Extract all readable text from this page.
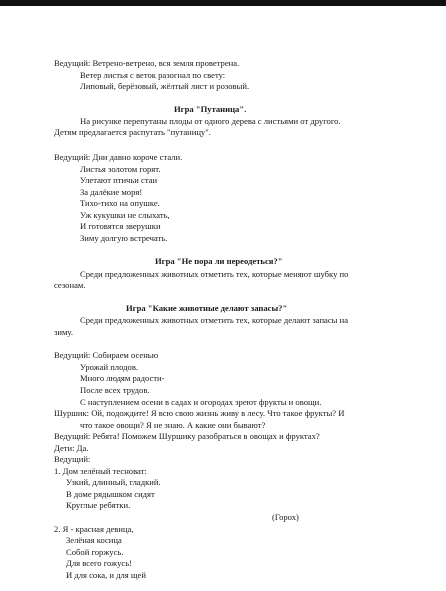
Ведущий: Ветрено-ветрено, вся земля проветрена.
Ветер листья с веток разогнал по свету:
Липовый, берёзовый, жёлтый лист и розовый.
Игра "Путаница".
На рисунке перепутаны плоды от одного дерева с листьями от другого.
Детям предлагается распутать "путаницу".
Ведущий: Дни давно короче стали.
Листья золотом горят.
Улетают птичьи стаи
За далёкие моря!
Тихо-тихо на опушке.
Уж кукушки не слыхать,
И готовятся зверушки
Зиму долгую встречать.
Игра "Не пора ли переодеться?"
Среди предложенных животных отметить тех, которые меняют шубку по
сезонам.
Игра "Какие животные делают запасы?"
Среди предложенных животных отметить тех, которые делают запасы на
зиму.
Ведущий: Собираем осенью
Урожай плодов.
Много людям радости-
После всех трудов.
С наступлением осени в садах и огородах зреют фрукты и овощи.
Шуршик: Ой, подождите! Я всю свою жизнь живу в лесу. Что такое фрукты? И
что такое овощи? Я не знаю. А какие они бывают?
Ведущий: Ребята! Поможем Шуршику разобраться в овощах и фруктах?
Дети: Да.
Ведущий:
1. Дом зелёный тесноват:
Узкий, длинный, гладкий.
В доме рядышком сидят
Круглые ребятки.
(Горох)
2. Я - красная девица,
Зелёная косица
Собой горжусь.
Для всего гожусь!
И для сока, и для щей
